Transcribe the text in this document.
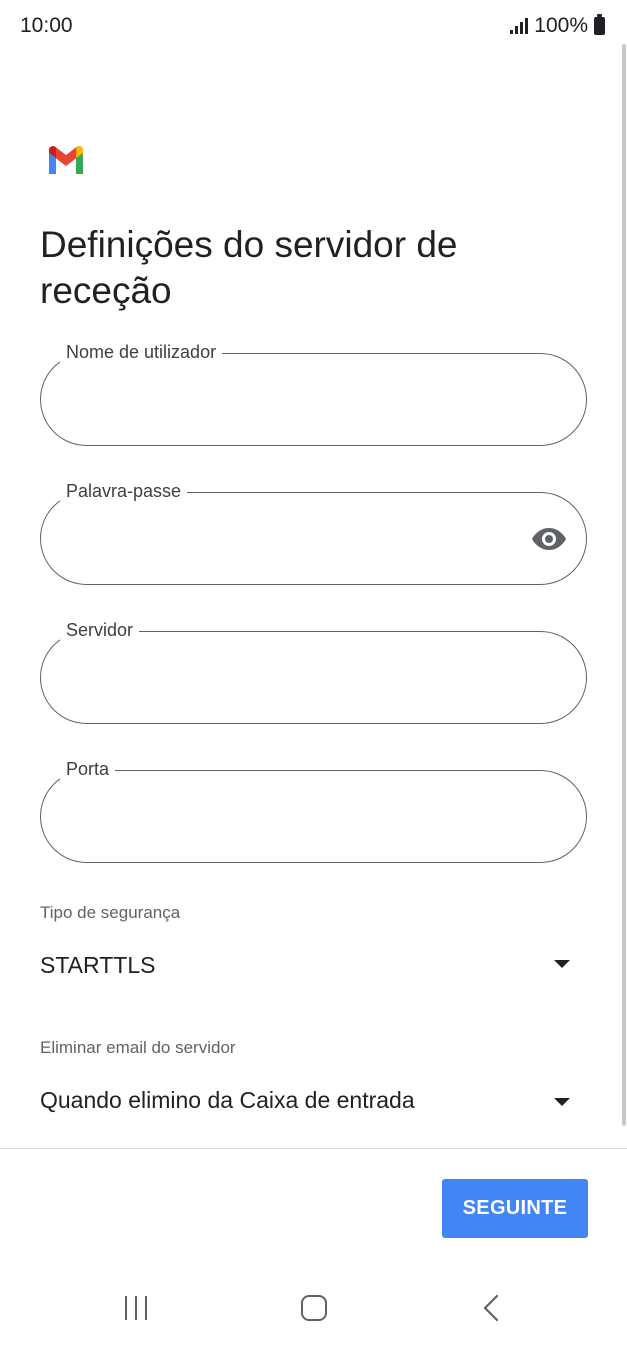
10:00	100%
Definições do servidor de receção
Nome de utilizador
Palavra-passe
Servidor
Porta
Tipo de segurança
STARTTLS
Eliminar email do servidor
Quando elimino da Caixa de entrada
SEGUINTE
